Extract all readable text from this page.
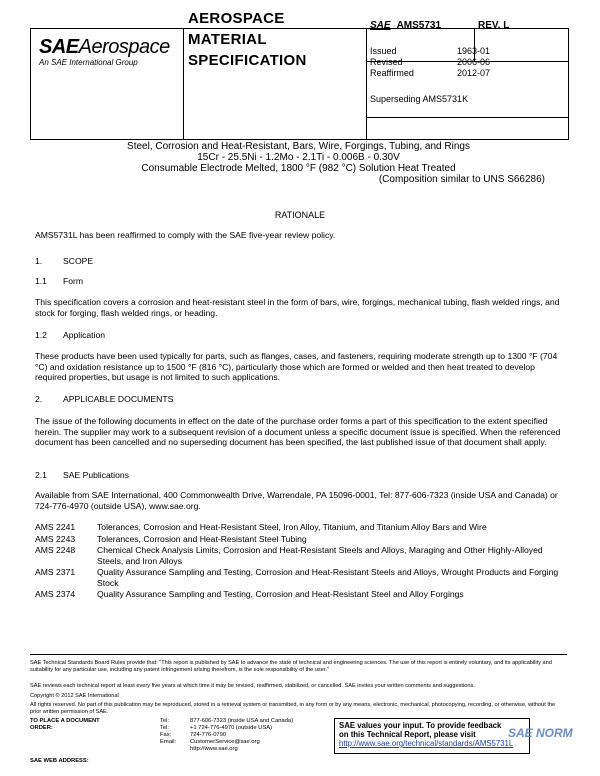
SAEAerospace
An SAE International Group
AEROSPACE
MATERIAL
SPECIFICATION
SAE AMS5731	REV. L
Issued	1963-01
Revised	2006-06
Reaffirmed	2012-07
Superseding AMS5731K
Steel, Corrosion and Heat-Resistant, Bars, Wire, Forgings, Tubing, and Rings
15Cr - 25.5Ni - 1.2Mo - 2.1Ti - 0.006B - 0.30V
Consumable Electrode Melted, 1800 °F (982 °C) Solution Heat Treated
(Composition similar to UNS S66286)
RATIONALE
AMS5731L has been reaffirmed to comply with the SAE five-year review policy.
1. SCOPE
1.1 Form
This specification covers a corrosion and heat-resistant steel in the form of bars, wire, forgings, mechanical tubing, flash welded rings, and stock for forging, flash welded rings, or heading.
1.2 Application
These products have been used typically for parts, such as flanges, cases, and fasteners, requiring moderate strength up to 1300 °F (704 °C) and oxidation resistance up to 1500 °F (816 °C), particularly those which are formed or welded and then heat treated to develop required properties, but usage is not limited to such applications.
2. APPLICABLE DOCUMENTS
The issue of the following documents in effect on the date of the purchase order forms a part of this specification to the extent specified herein. The supplier may work to a subsequent revision of a document unless a specific document issue is specified. When the referenced document has been cancelled and no superseding document has been specified, the last published issue of that document shall apply.
2.1 SAE Publications
Available from SAE International, 400 Commonwealth Drive, Warrendale, PA 15096-0001, Tel: 877-606-7323 (inside USA and Canada) or 724-776-4970 (outside USA), www.sae.org.
AMS 2241	Tolerances, Corrosion and Heat-Resistant Steel, Iron Alloy, Titanium, and Titanium Alloy Bars and Wire
AMS 2243	Tolerances, Corrosion and Heat-Resistant Steel Tubing
AMS 2248	Chemical Check Analysis Limits, Corrosion and Heat-Resistant Steels and Alloys, Maraging and Other Highly-Alloyed Steels, and Iron Alloys
AMS 2371	Quality Assurance Sampling and Testing, Corrosion and Heat-Resistant Steels and Alloys, Wrought Products and Forging Stock
AMS 2374	Quality Assurance Sampling and Testing, Corrosion and Heat-Resistant Steel and Alloy Forgings
SAE Technical Standards Board Rules provide that: "This report is published by SAE to advance the state of technical and engineering sciences. The use of this report is entirely voluntary, and its applicability and suitability for any particular use, including any patent infringement arising therefrom, is the sole responsibility of the user."
SAE reviews each technical report at least every five years at which time it may be revised, reaffirmed, stabilized, or cancelled. SAE invites your written comments and suggestions.
Copyright © 2012 SAE International
All rights reserved. No part of this publication may be reproduced, stored in a retrieval system or transmitted, in any form or by any means, electronic, mechanical, photocopying, recording, or otherwise, without the prior written permission of SAE.
TO PLACE A DOCUMENT ORDER:
Tel:	877-606-7323 (inside USA and Canada)
Tel:	+1 724-776-4970 (outside USA)
Fax:	724-776-0790
Email:	CustomerService@sae.org
http://www.sae.org
SAE values your input. To provide feedback
on this Technical Report, please visit
http://www.sae.org/technical/standards/AMS5731L
SAE WEB ADDRESS:
SAE NORM
